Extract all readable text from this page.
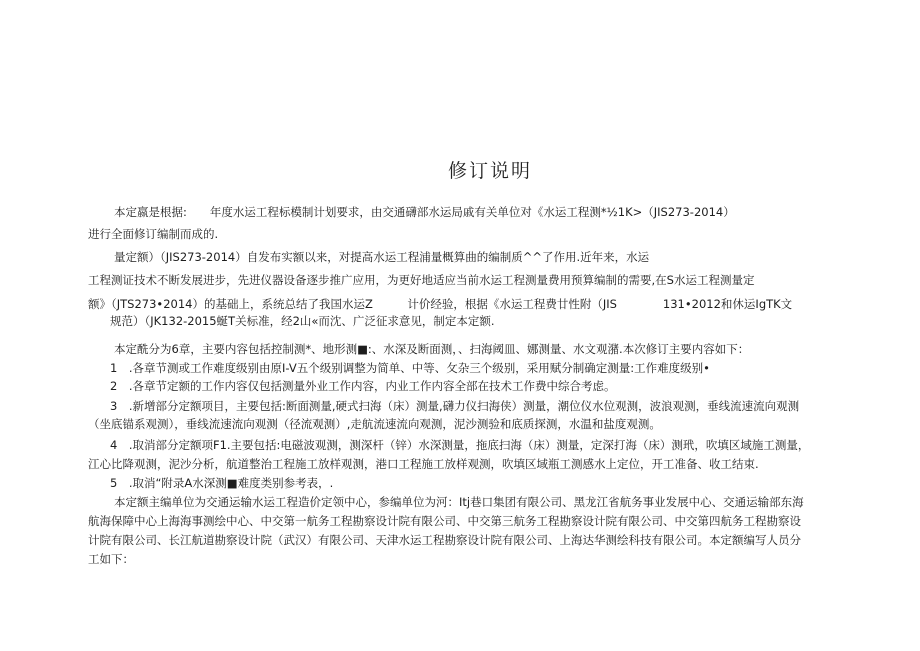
修订说明
本定嬴是根据:　　年度水运工程标模制计划要求，由交通礴部水运局戚有关单位对《水运工程测*½1K>（JIS273-2014）
进行全面修订编制而成的.
量定额）（JIS273-2014）自发布实额以来，对提高水运工程浦量概算曲的编制质^^了作用.近年来，水运
工程测证技术不断发展进步，先进仪器设备逐步推广应用，为更好地适应当前水运工程测量费用预算编制的需要,在S水运工程测量定
额》（JTS273•2014）的基础上，系统总结了我国水运Z　　　计价经验，根据《水运工程费廿性附（JIS　　　　131•2012和休运IgTK文
规范）（JK132-2015蜒T关标准，经2山«而沈、广泛征求意见，制定本定额.
本定酰分为6章，主要内容包括控制测*、地形测■:、水深及断面测，、扫海阈皿、娜测量、水文观潴.本次修订主要内容如下：
1　.各章节测或工作难度级别由原I-V五个级别调整为简单、中等、攵杂三个级别，采用赋分制确定测量:工作难度级别•
2　.各章节定额的工作内容仅包括测量外业工作内容，内业工作内容全部在技术工作费中综合考虑。
3　.新增部分定额项目，主要包括:断面测量,硬式扫海（床）测量,礴力仪扫海侠）测量，潮位仪水位观测，波浪观测，垂线流速流向观测
（坐底锚系观测），垂线流速流向观测（径流观测）,走航流速流向观测，泥沙测验和底质探测，水温和盐度观测。
4　.取消部分定额项F1.主要包括:电磁波观测，测深杆（锌）水深测量，拖底扫海（床）测量，定深打海（床）测玳，吹填区域施工测量，
江心比降观测，泥沙分析，航道整治工程施工放样观测，港口工程施工放样观测，吹填区域瓶工测感水上定位，开工准备、收工结束.
5　.取消“附录A水深测■难度类别参考表，.
本定额主编单位为交通运输水运工程造价定领中心，参编单位为河：Itj巷口集团有限公司、黑龙江省航务事业发展中心、交通运输部东海
航海保障中心上海海事测绘中心、中交第一航务工程勘察设计院有限公司、中交第三航务工程勘察设计院有限公司、中交第四航务工程勘察设
计院有限公司、长江航道勘察设计院（武汉）有限公司、天津水运工程勘察设计院有限公司、上海达华测绘科技有限公司。本定额编写人员分
工如下：
